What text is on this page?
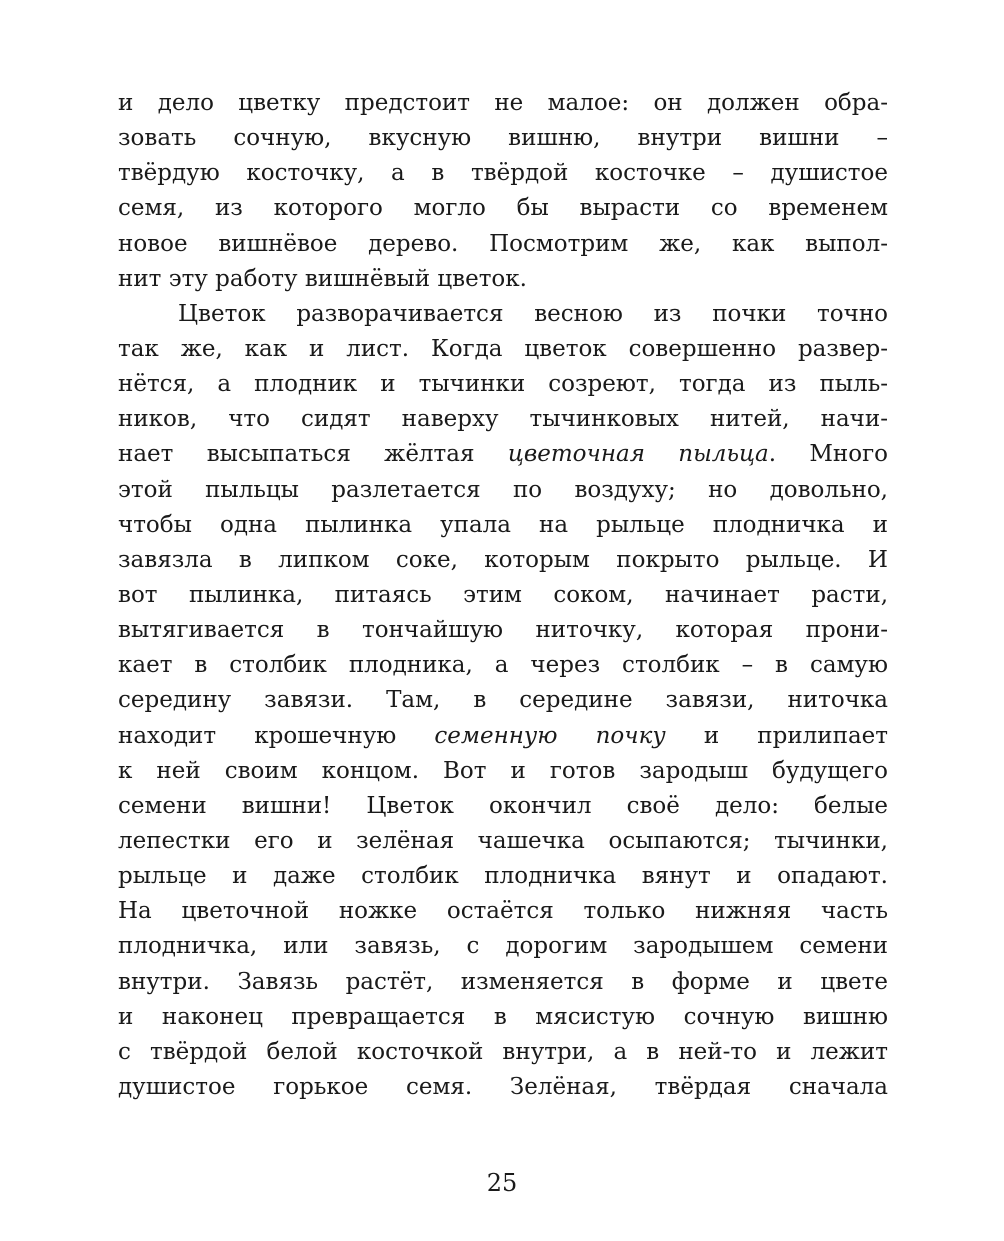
и дело цветку предстоит не малое: он должен обра-
зовать сочную, вкусную вишню, внутри вишни –
твёрдую косточку, а в твёрдой косточке – душистое
семя, из которого могло бы вырасти со временем
новое вишнёвое дерево. Посмотрим же, как выпол-
нит эту работу вишнёвый цветок.
Цветок разворачивается весною из почки точно
так же, как и лист. Когда цветок совершенно развер-
нётся, а плодник и тычинки созреют, тогда из пыль-
ников, что сидят наверху тычинковых нитей, начи-
нает высыпаться жёлтая цветочная пыльца. Много
этой пыльцы разлетается по воздуху; но довольно,
чтобы одна пылинка упала на рыльце плодничка и
завязла в липком соке, которым покрыто рыльце. И
вот пылинка, питаясь этим соком, начинает расти,
вытягивается в тончайшую ниточку, которая прони-
кает в столбик плодника, а через столбик – в самую
середину завязи. Там, в середине завязи, ниточка
находит крошечную семенную почку и прилипает
к ней своим концом. Вот и готов зародыш будущего
семени вишни! Цветок окончил своё дело: белые
лепестки его и зелёная чашечка осыпаются; тычинки,
рыльце и даже столбик плодничка вянут и опадают.
На цветочной ножке остаётся только нижняя часть
плодничка, или завязь, с дорогим зародышем семени
внутри. Завязь растёт, изменяется в форме и цвете
и наконец превращается в мясистую сочную вишню
с твёрдой белой косточкой внутри, а в ней-то и лежит
душистое горькое семя. Зелёная, твёрдая сначала
25
